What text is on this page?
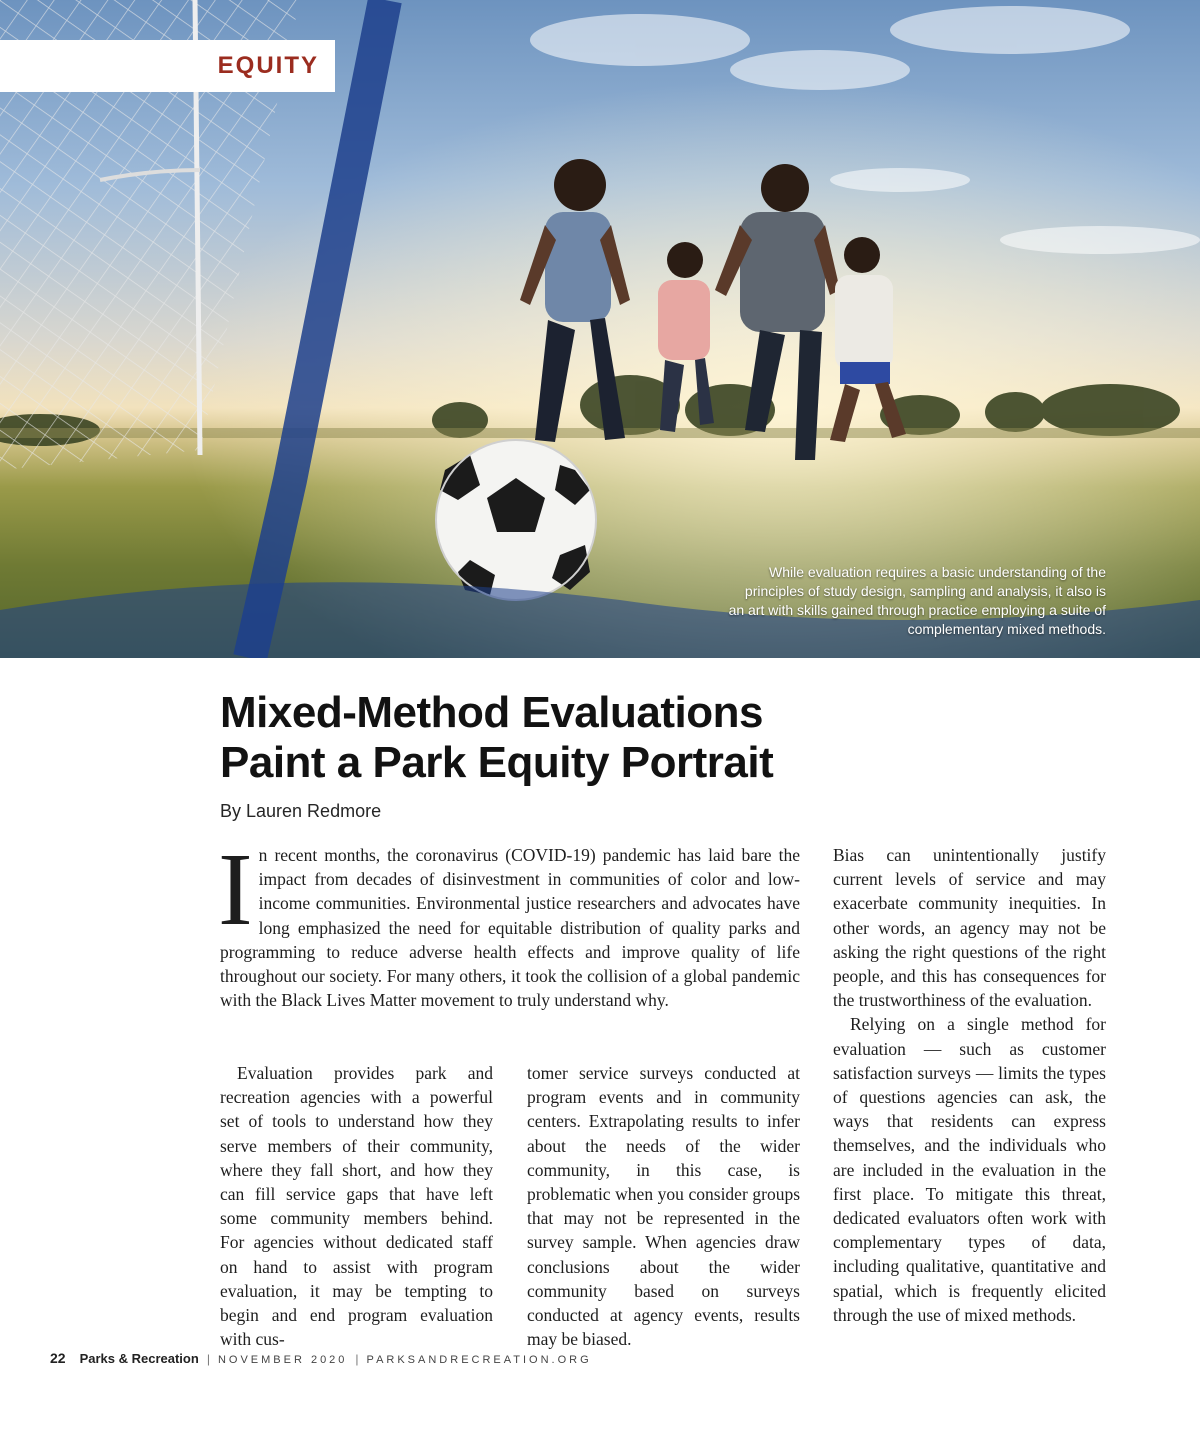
EQUITY
While evaluation requires a basic understanding of the principles of study design, sampling and analysis, it also is an art with skills gained through practice employing a suite of complementary mixed methods.
Mixed-Method Evaluations
Paint a Park Equity Portrait
By Lauren Redmore
I n recent months, the coronavirus (COVID-19) pandemic has laid bare the impact from decades of disinvestment in communities of color and low-income communities. Environmental justice researchers and advocates have long emphasized the need for equitable distribution of quality parks and programming to reduce adverse health effects and improve quality of life throughout our society. For many others, it took the collision of a global pandemic with the Black Lives Matter movement to truly understand why.

Evaluation provides park and recreation agencies with a powerful set of tools to understand how they serve members of their community, where they fall short, and how they can fill service gaps that have left some community members behind. For agencies without dedicated staff on hand to assist with program evaluation, it may be tempting to begin and end program evaluation with cus-

tomer service surveys conducted at program events and in community centers. Extrapolating results to infer about the needs of the wider community, in this case, is problematic when you consider groups that may not be represented in the survey sample. When agencies draw conclusions about the wider community based on surveys conducted at agency events, results may be biased.

Bias can unintentionally justify current levels of service and may exacerbate community inequities. In other words, an agency may not be asking the right questions of the right people, and this has consequences for the trustworthiness of the evaluation.

Relying on a single method for evaluation — such as customer satisfaction surveys — limits the types of questions agencies can ask, the ways that residents can express themselves, and the individuals who are included in the evaluation in the first place. To mitigate this threat, dedicated evaluators often work with complementary types of data, including qualitative, quantitative and spatial, which is frequently elicited through the use of mixed methods.

22 Parks & Recreation | NOVEMBER 2020 | PARKSANDRECREATION.ORG
